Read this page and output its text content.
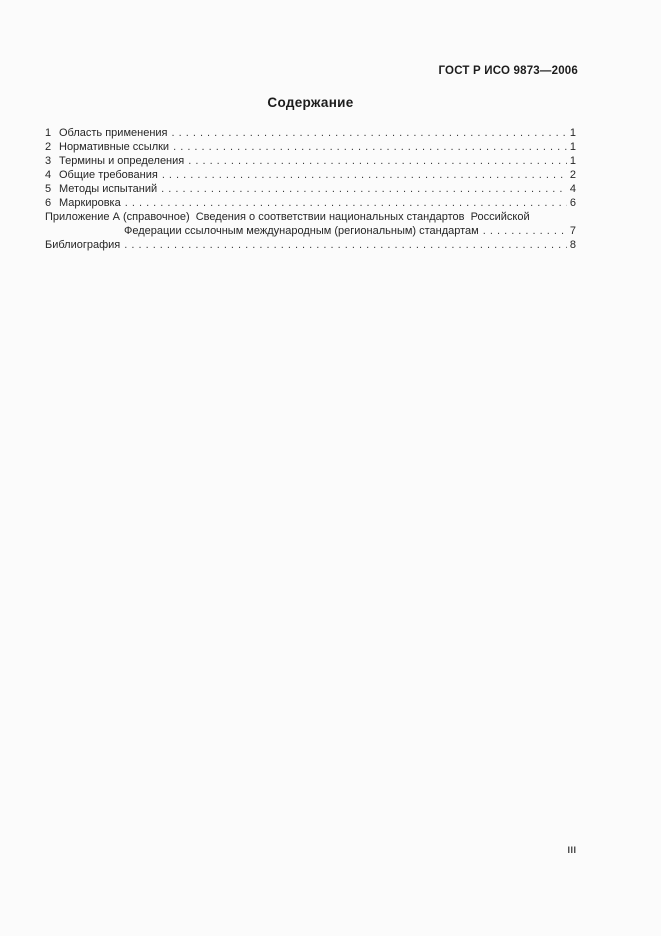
ГОСТ Р ИСО 9873—2006
Содержание
1 Область применения . . .	1
2 Нормативные ссылки . . .	1
3 Термины и определения . . .	1
4 Общие требования . . .	2
5 Методы испытаний . . .	4
6 Маркировка . . .	6
Приложение А (справочное)  Сведения о соответствии национальных стандартов  Российской
Федерации ссылочным международным (региональным) стандартам . . .	7
Библиография . . .	8
III
